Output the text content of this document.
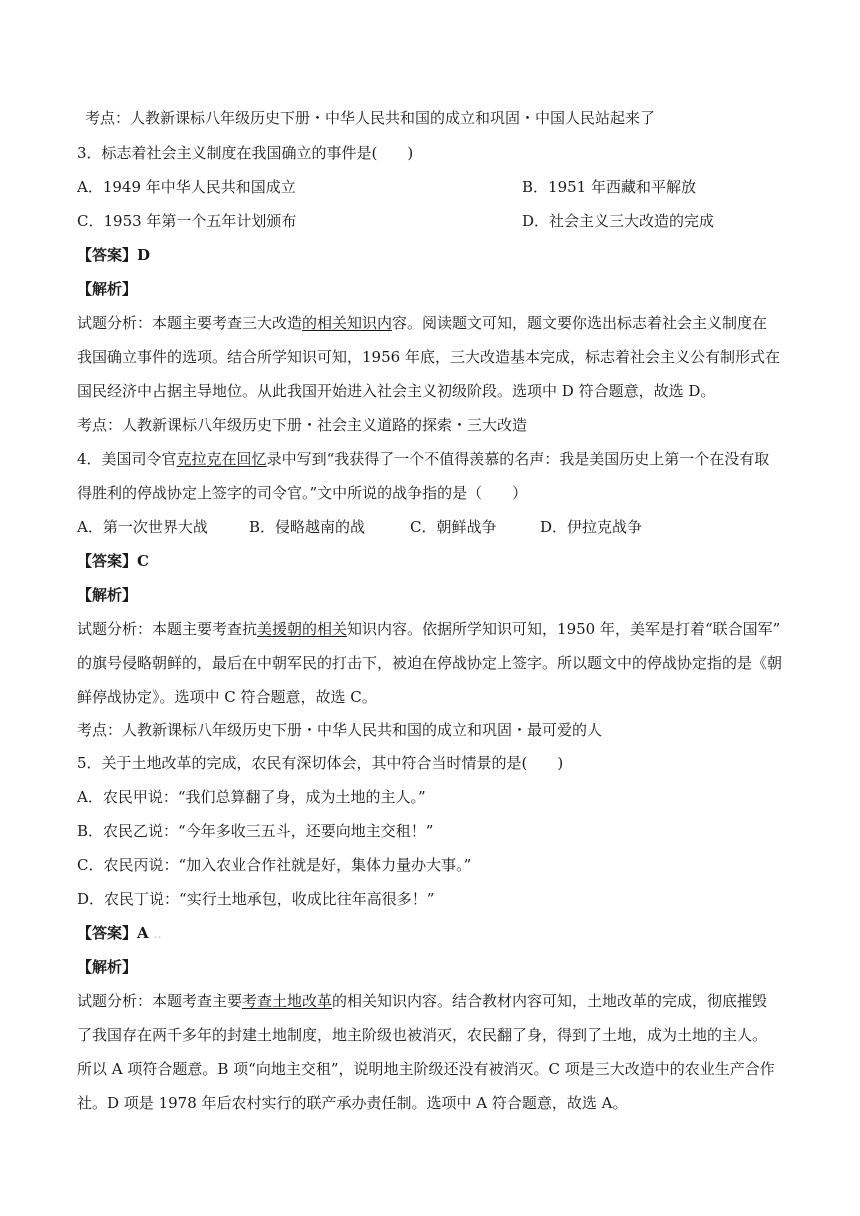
考点：人教新课标八年级历史下册・中华人民共和国的成立和巩固・中国人民站起来了
3．标志着社会主义制度在我国确立的事件是(　　)
A．1949 年中华人民共和国成立	B．1951 年西藏和平解放
C．1953 年第一个五年计划颁布	D．社会主义三大改造的完成
【答案】D
【解析】
试题分析：本题主要考查三大改造的相关知识内容。阅读题文可知，题文要你选出标志着社会主义制度在
我国确立事件的选项。结合所学知识可知，1956 年底，三大改造基本完成，标志着社会主义公有制形式在
国民经济中占据主导地位。从此我国开始进入社会主义初级阶段。选项中 D 符合题意，故选 D。
考点：人教新课标八年级历史下册・社会主义道路的探索・三大改造
4．美国司令官克拉克在回忆录中写到“我获得了一个不值得羡慕的名声：我是美国历史上第一个在没有取
得胜利的停战协定上签字的司令官。”文中所说的战争指的是（　　）
A．第一次世界大战	B．侵略越南的战	C．朝鲜战争	D．伊拉克战争
【答案】C
【解析】
试题分析：本题主要考查抗美援朝的相关知识内容。依据所学知识可知，1950 年，美军是打着“联合国军”
的旗号侵略朝鲜的，最后在中朝军民的打击下，被迫在停战协定上签字。所以题文中的停战协定指的是《朝
鲜停战协定》。选项中 C 符合题意，故选 C。
考点：人教新课标八年级历史下册・中华人民共和国的成立和巩固・最可爱的人
5．关于土地改革的完成，农民有深切体会，其中符合当时情景的是(　　)
A．农民甲说：“我们总算翻了身，成为土地的主人。”
B．农民乙说：“今年多收三五斗，还要向地主交租！”
C．农民丙说：“加入农业合作社就是好，集体力量办大事。”
D．农民丁说：“实行土地承包，收成比往年高很多！”
【答案】A ..
【解析】
试题分析：本题考查主要考查土地改革的相关知识内容。结合教材内容可知，土地改革的完成，彻底摧毁
了我国存在两千多年的封建土地制度，地主阶级也被消灭，农民翻了身，得到了土地，成为土地的主人。
所以 A 项符合题意。B 项“向地主交租”，说明地主阶级还没有被消灭。C 项是三大改造中的农业生产合作
社。D 项是 1978 年后农村实行的联产承办责任制。选项中 A 符合题意，故选 A。
